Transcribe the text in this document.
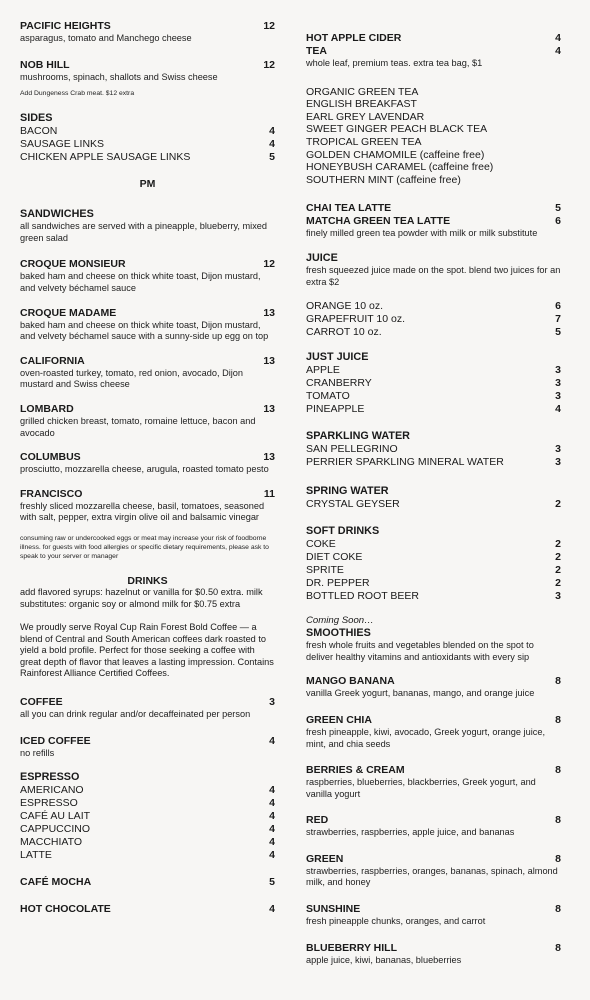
PACIFIC HEIGHTS	12
asparagus, tomato and Manchego cheese
NOB HILL	12
mushrooms, spinach, shallots and Swiss cheese
Add Dungeness Crab meat. $12 extra
SIDES
BACON	4
SAUSAGE LINKS	4
CHICKEN APPLE SAUSAGE LINKS	5
PM
SANDWICHES
all sandwiches are served with a pineapple, blueberry, mixed green salad
CROQUE MONSIEUR	12
baked ham and cheese on thick white toast, Dijon mustard, and velvety béchamel sauce
CROQUE MADAME	13
baked ham and cheese on thick white toast, Dijon mustard, and velvety béchamel sauce with a sunny-side up egg on top
CALIFORNIA	13
oven-roasted turkey, tomato, red onion, avocado, Dijon mustard and Swiss cheese
LOMBARD	13
grilled chicken breast, tomato, romaine lettuce, bacon and avocado
COLUMBUS	13
prosciutto, mozzarella cheese, arugula, roasted tomato pesto
FRANCISCO	11
freshly sliced mozzarella cheese, basil, tomatoes, seasoned with salt, pepper, extra virgin olive oil and balsamic vinegar
consuming raw or undercooked eggs or meat may increase your risk of foodborne illness. for guests with food allergies or specific dietary requirements, please ask to speak to your server or manager
DRINKS
add flavored syrups: hazelnut or vanilla for $0.50 extra. milk substitutes: organic soy or almond milk for $0.75 extra
We proudly serve Royal Cup Rain Forest Bold Coffee — a blend of Central and South American coffees dark roasted to yield a bold profile. Perfect for those seeking a coffee with great depth of flavor that leaves a lasting impression. Contains Rainforest Alliance Certified Coffees.
COFFEE	3
all you can drink regular and/or decaffeinated per person
ICED COFFEE	4
no refills
ESPRESSO
AMERICANO	4
ESPRESSO	4
CAFÉ AU LAIT	4
CAPPUCCINO	4
MACCHIATO	4
LATTE	4
CAFÉ MOCHA	5
HOT CHOCOLATE	4
HOT APPLE CIDER	4
TEA	4
whole leaf, premium teas. extra tea bag, $1
ORGANIC GREEN TEA
ENGLISH BREAKFAST
EARL GREY LAVENDAR
SWEET GINGER PEACH BLACK TEA
TROPICAL GREEN TEA
GOLDEN CHAMOMILE (caffeine free)
HONEYBUSH CARAMEL (caffeine free)
SOUTHERN MINT (caffeine free)
CHAI TEA LATTE	5
MATCHA GREEN TEA LATTE	6
finely milled green tea powder with milk or milk substitute
JUICE
fresh squeezed juice made on the spot. blend two juices for an extra $2
ORANGE 10 oz.	6
GRAPEFRUIT 10 oz.	7
CARROT 10 oz.	5
JUST JUICE
APPLE	3
CRANBERRY	3
TOMATO	3
PINEAPPLE	4
SPARKLING WATER
SAN PELLEGRINO	3
PERRIER SPARKLING MINERAL WATER	3
SPRING WATER
CRYSTAL GEYSER	2
SOFT DRINKS
COKE	2
DIET COKE	2
SPRITE	2
DR. PEPPER	2
BOTTLED ROOT BEER	3
Coming Soon…
SMOOTHIES
fresh whole fruits and vegetables blended on the spot to deliver healthy vitamins and antioxidants with every sip
MANGO BANANA	8
vanilla Greek yogurt, bananas, mango, and orange juice
GREEN CHIA	8
fresh pineapple, kiwi, avocado, Greek yogurt, orange juice, mint, and chia seeds
BERRIES & CREAM	8
raspberries, blueberries, blackberries, Greek yogurt, and vanilla yogurt
RED	8
strawberries, raspberries, apple juice, and bananas
GREEN	8
strawberries, raspberries, oranges, bananas, spinach, almond milk, and honey
SUNSHINE	8
fresh pineapple chunks, oranges, and carrot
BLUEBERRY HILL	8
apple juice, kiwi, bananas, blueberries
